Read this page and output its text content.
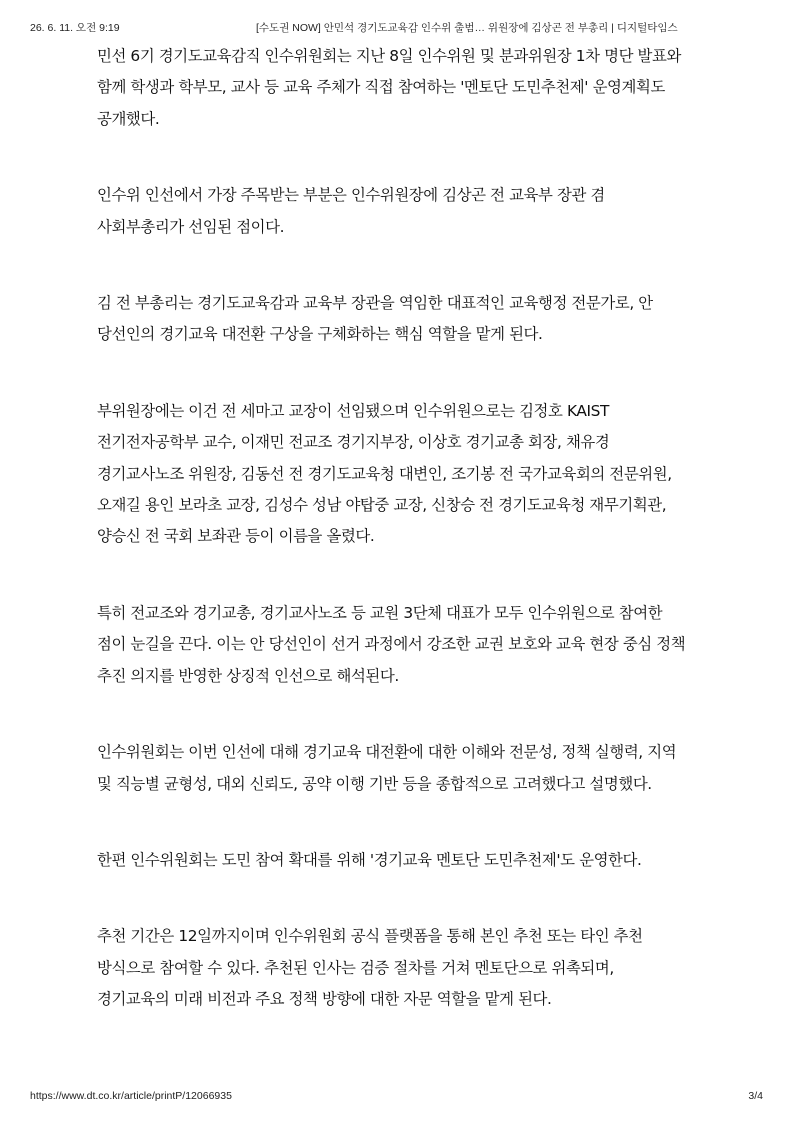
26. 6. 11. 오전 9:19	[수도권 NOW] 안민석 경기도교육감 인수위 출범… 위원장에 김상곤 전 부총리 | 디지털타임스

민선 6기 경기도교육감직 인수위원회는 지난 8일 인수위원 및 분과위원장 1차 명단 발표와 함께 학생과 학부모, 교사 등 교육 주체가 직접 참여하는 '멘토단 도민추천제' 운영계획도 공개했다.

인수위 인선에서 가장 주목받는 부분은 인수위원장에 김상곤 전 교육부 장관 겸 사회부총리가 선임된 점이다.

김 전 부총리는 경기도교육감과 교육부 장관을 역임한 대표적인 교육행정 전문가로, 안 당선인의 경기교육 대전환 구상을 구체화하는 핵심 역할을 맡게 된다.

부위원장에는 이건 전 세마고 교장이 선임됐으며 인수위원으로는 김정호 KAIST 전기전자공학부 교수, 이재민 전교조 경기지부장, 이상호 경기교총 회장, 채유경 경기교사노조 위원장, 김동선 전 경기도교육청 대변인, 조기봉 전 국가교육회의 전문위원, 오재길 용인 보라초 교장, 김성수 성남 야탑중 교장, 신창승 전 경기도교육청 재무기획관, 양승신 전 국회 보좌관 등이 이름을 올렸다.

특히 전교조와 경기교총, 경기교사노조 등 교원 3단체 대표가 모두 인수위원으로 참여한 점이 눈길을 끈다. 이는 안 당선인이 선거 과정에서 강조한 교권 보호와 교육 현장 중심 정책 추진 의지를 반영한 상징적 인선으로 해석된다.

인수위원회는 이번 인선에 대해 경기교육 대전환에 대한 이해와 전문성, 정책 실행력, 지역 및 직능별 균형성, 대외 신뢰도, 공약 이행 기반 등을 종합적으로 고려했다고 설명했다.

한편 인수위원회는 도민 참여 확대를 위해 '경기교육 멘토단 도민추천제'도 운영한다.

추천 기간은 12일까지이며 인수위원회 공식 플랫폼을 통해 본인 추천 또는 타인 추천 방식으로 참여할 수 있다. 추천된 인사는 검증 절차를 거쳐 멘토단으로 위촉되며, 경기교육의 미래 비전과 주요 정책 방향에 대한 자문 역할을 맡게 된다.

https://www.dt.co.kr/article/printP/12066935	3/4
